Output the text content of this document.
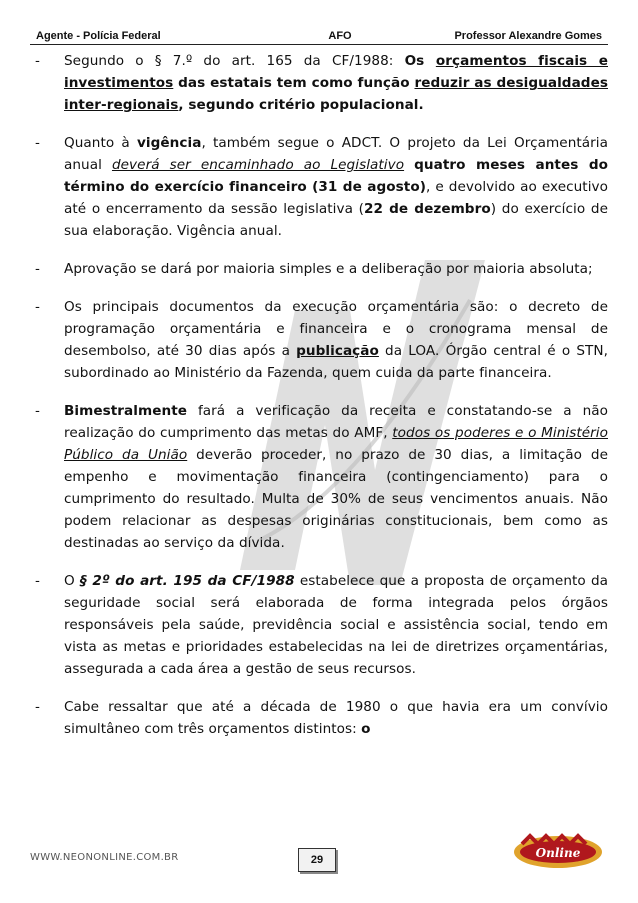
Agente - Polícia Federal	AFO	Professor Alexandre Gomes
- Segundo o § 7.º do art. 165 da CF/1988: Os orçamentos fiscais e investimentos das estatais tem como função reduzir as desigualdades inter-regionais, segundo critério populacional.
- Quanto à vigência, também segue o ADCT. O projeto da Lei Orçamentária anual deverá ser encaminhado ao Legislativo quatro meses antes do término do exercício financeiro (31 de agosto), e devolvido ao executivo até o encerramento da sessão legislativa (22 de dezembro) do exercício de sua elaboração. Vigência anual.
- Aprovação se dará por maioria simples e a deliberação por maioria absoluta;
- Os principais documentos da execução orçamentária são: o decreto de programação orçamentária e financeira e o cronograma mensal de desembolso, até 30 dias após a publicação da LOA. Órgão central é o STN, subordinado ao Ministério da Fazenda, quem cuida da parte financeira.
- Bimestralmente fará a verificação da receita e constatando-se a não realização do cumprimento das metas do AMF, todos os poderes e o Ministério Público da União deverão proceder, no prazo de 30 dias, a limitação de empenho e movimentação financeira (contingenciamento) para o cumprimento do resultado. Multa de 30% de seus vencimentos anuais. Não podem relacionar as despesas originárias constitucionais, bem como as destinadas ao serviço da dívida.
- O § 2º do art. 195 da CF/1988 estabelece que a proposta de orçamento da seguridade social será elaborada de forma integrada pelos órgãos responsáveis pela saúde, previdência social e assistência social, tendo em vista as metas e prioridades estabelecidas na lei de diretrizes orçamentárias, assegurada a cada área a gestão de seus recursos.
- Cabe ressaltar que até a década de 1980 o que havia era um convívio simultâneo com três orçamentos distintos: o
WWW.NEONONLINE.COM.BR	29	Online
